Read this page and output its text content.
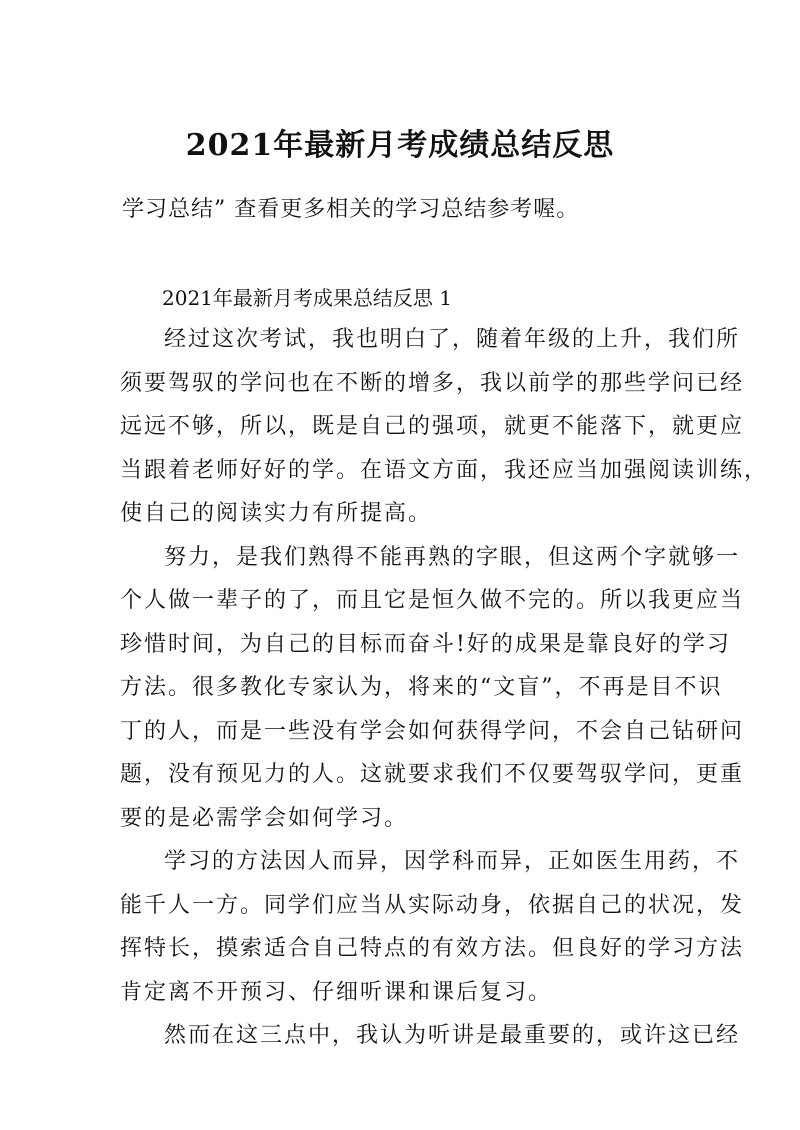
2021年最新月考成绩总结反思
学习总结” 查看更多相关的学习总结参考喔。
2021年最新月考成果总结反思 1
经过这次考试，我也明白了，随着年级的上升，我们所
须要驾驭的学问也在不断的增多，我以前学的那些学问已经
远远不够，所以，既是自己的强项，就更不能落下，就更应
当跟着老师好好的学。在语文方面，我还应当加强阅读训练，
使自己的阅读实力有所提高。
努力，是我们熟得不能再熟的字眼，但这两个字就够一
个人做一辈子的了，而且它是恒久做不完的。所以我更应当
珍惜时间，为自己的目标而奋斗!好的成果是靠良好的学习
方法。很多教化专家认为，将来的“文盲”，不再是目不识
丁的人，而是一些没有学会如何获得学问，不会自己钻研问
题，没有预见力的人。这就要求我们不仅要驾驭学问，更重
要的是必需学会如何学习。
学习的方法因人而异，因学科而异，正如医生用药，不
能千人一方。同学们应当从实际动身，依据自己的状况，发
挥特长，摸索适合自己特点的有效方法。但良好的学习方法
肯定离不开预习、仔细听课和课后复习。
然而在这三点中，我认为听讲是最重要的，或许这已经
